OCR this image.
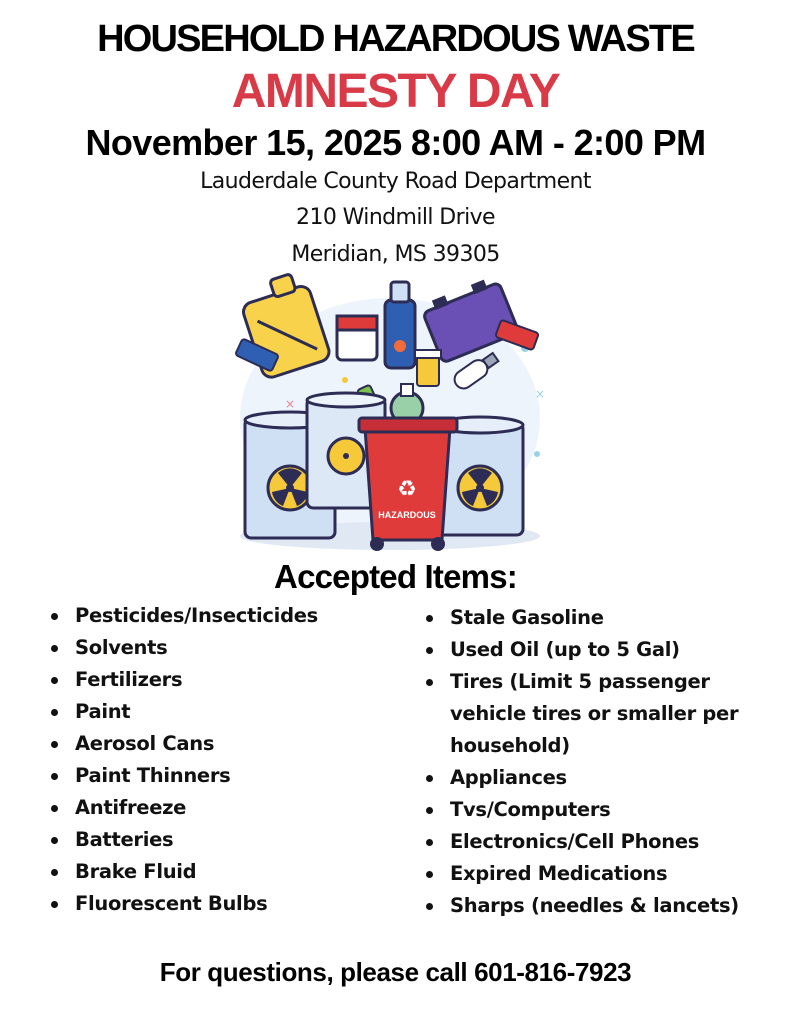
HOUSEHOLD HAZARDOUS WASTE
AMNESTY DAY
November 15, 2025 8:00 AM - 2:00 PM
Lauderdale County Road Department
210 Windmill Drive
Meridian, MS 39305
×
×
♻
HAZARDOUS
Accepted Items:
Pesticides/Insecticides
Solvents
Fertilizers
Paint
Aerosol Cans
Paint Thinners
Antifreeze
Batteries
Brake Fluid
Fluorescent Bulbs
Stale Gasoline
Used Oil (up to 5 Gal)
Tires (Limit 5 passenger vehicle tires or smaller per household)
Appliances
Tvs/Computers
Electronics/Cell Phones
Expired Medications
Sharps (needles & lancets)
For questions, please call 601-816-7923
